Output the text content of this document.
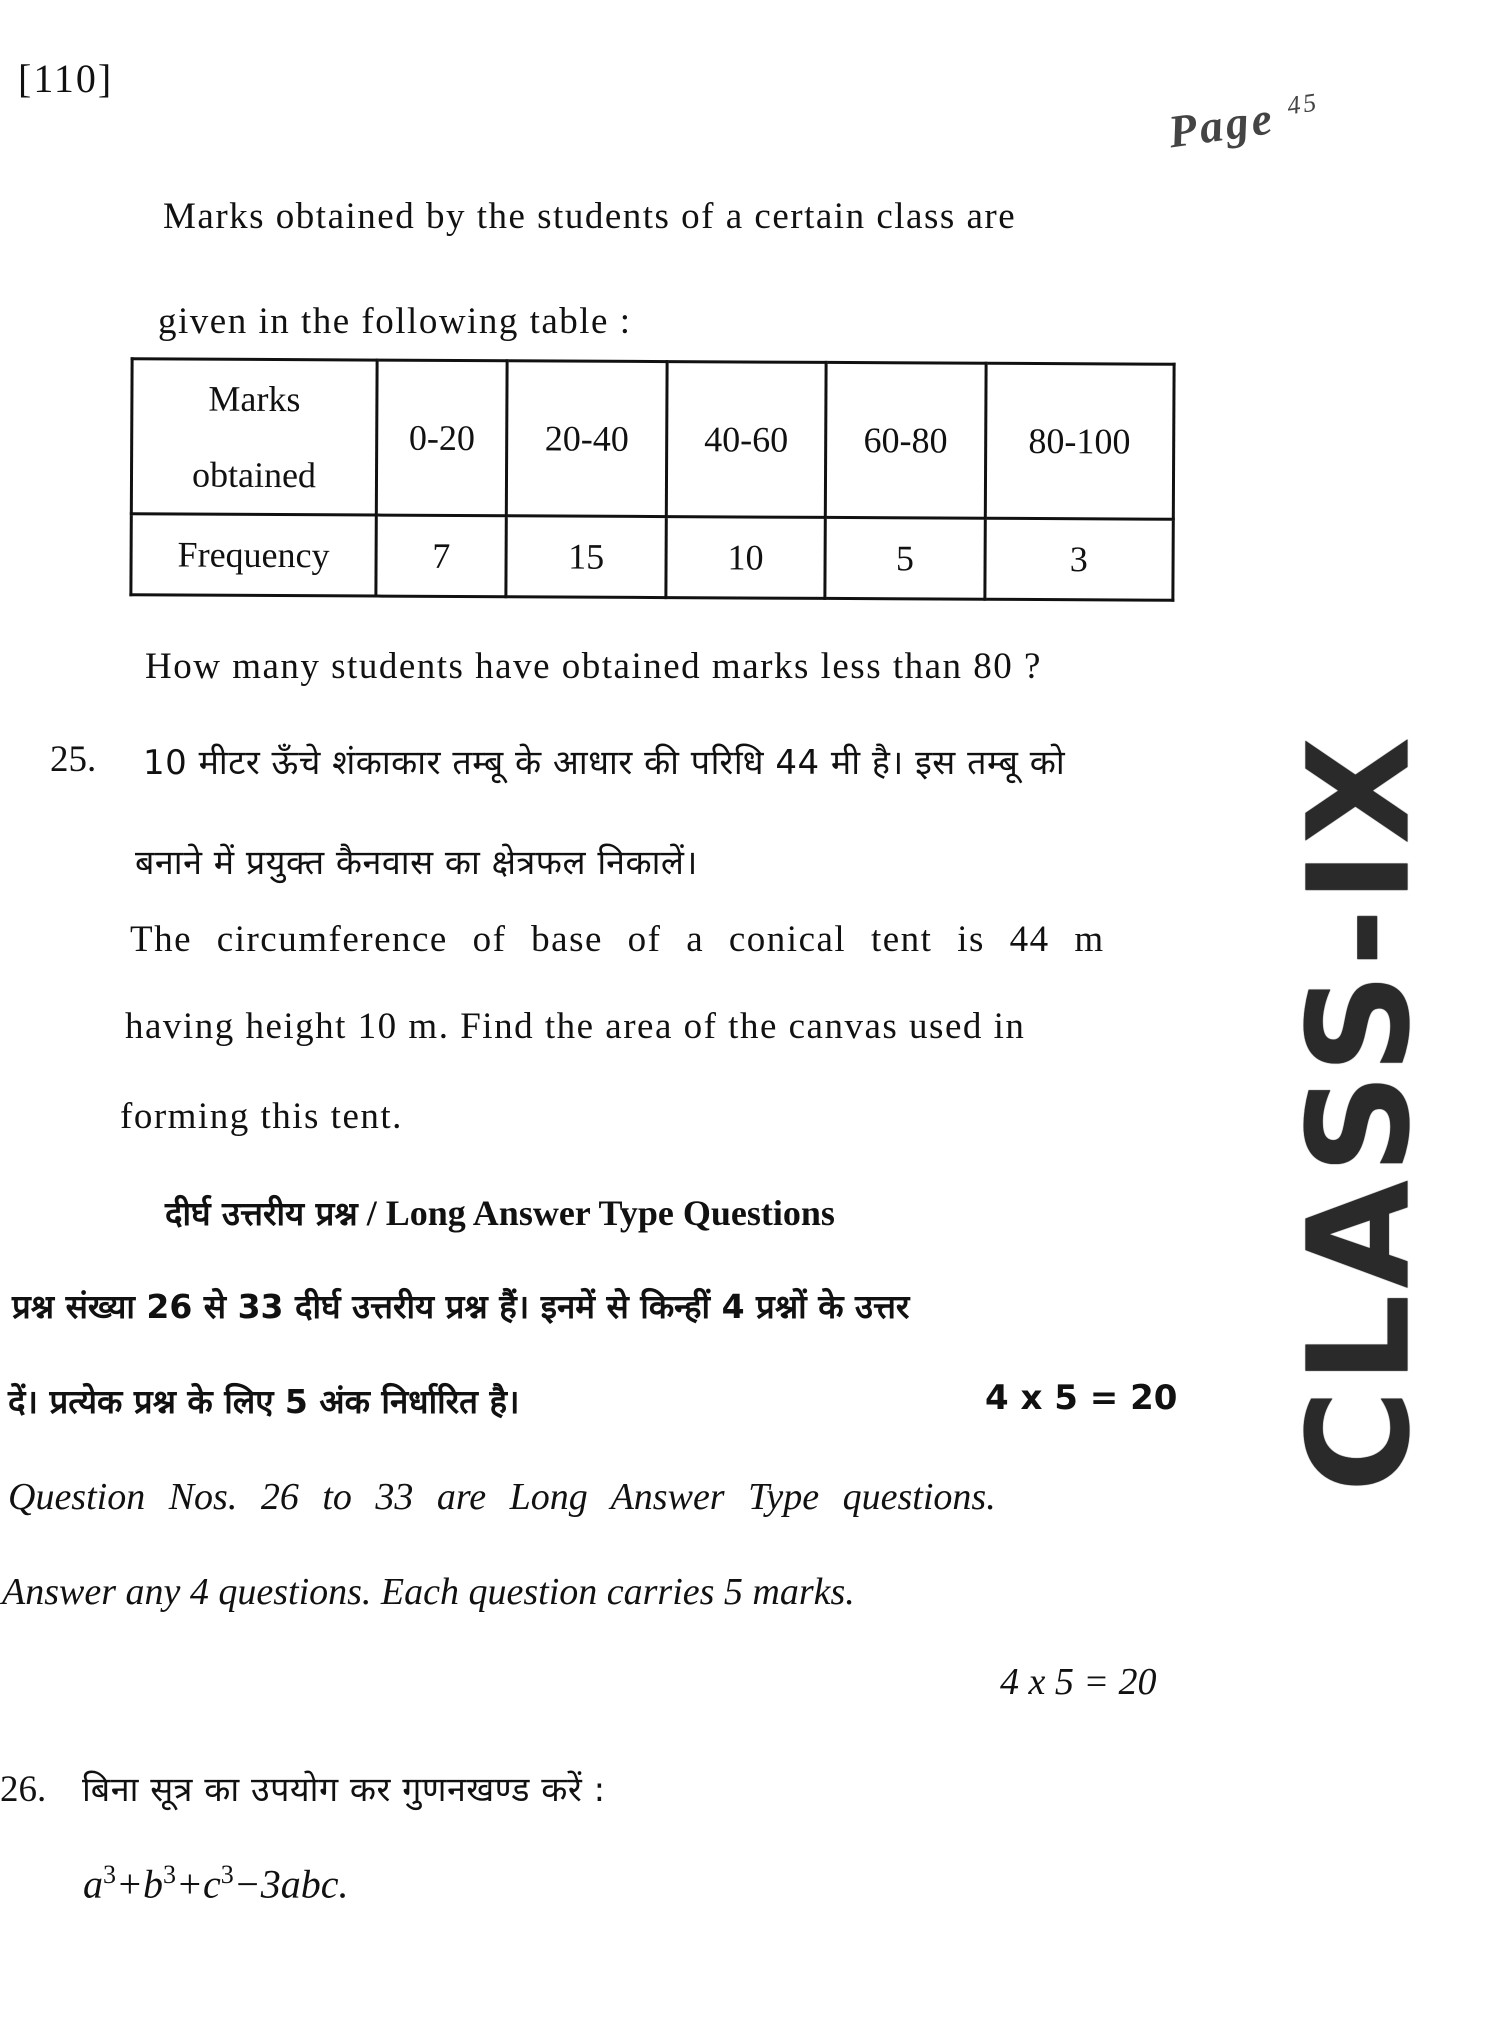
[110]
Page $^{45}$
CLASS-IX
Marks obtained by the students of a certain class are
given in the following table :
Marks
obtained	0-20	20-40	40-60	60-80	80-100
Frequency	7	15	10	5	3
How many students have obtained marks less than 80 ?
25. 10 मीटर ऊँचे शंकाकार तम्बू के आधार की परिधि 44 मी है। इस तम्बू को
बनाने में प्रयुक्त कैनवास का क्षेत्रफल निकालें।
The circumference of base of a conical tent is 44 m
having height 10 m. Find the area of the canvas used in
forming this tent.
दीर्घ उत्तरीय प्रश्न / Long Answer Type Questions
प्रश्न संख्या 26 से 33 दीर्घ उत्तरीय प्रश्न हैं। इनमें से किन्हीं 4 प्रश्नों के उत्तर
दें। प्रत्येक प्रश्न के लिए 5 अंक निर्धारित है।	4 x 5 = 20
Question Nos. 26 to 33 are Long Answer Type questions.
Answer any 4 questions. Each question carries 5 marks.
4 x 5 = 20
26. बिना सूत्र का उपयोग कर गुणनखण्ड करें :
$a^3+b^3+c^3-3abc$.
